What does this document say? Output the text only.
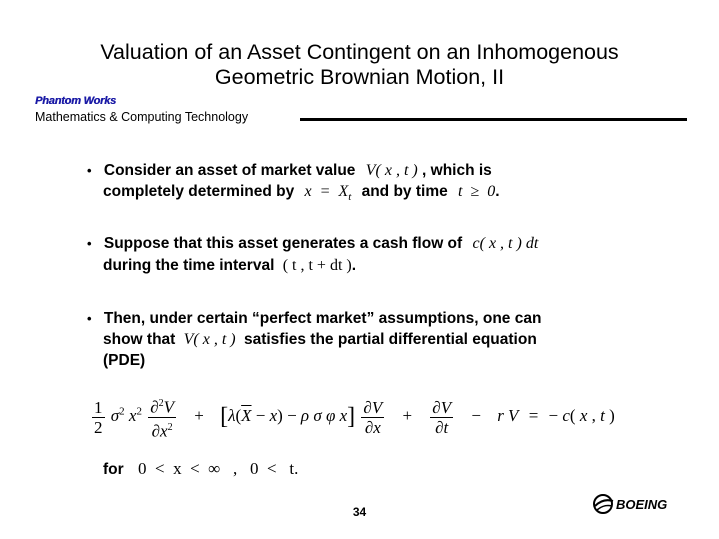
Valuation of an Asset Contingent on an Inhomogenous
Geometric Brownian Motion, II
Phantom Works
Mathematics & Computing Technology
• Consider an asset of market value V( x , t ) , which is
completely determined by $x = X_t$ and by time t  ≥  0.
• Suppose that this asset generates a cash flow of c( x , t ) dt
during the time interval ( t , t + dt ).
• Then, under certain “perfect market” assumptions, one can
show that V( x , t ) satisfies the partial differential equation
(PDE)
$\frac{1}{2} \sigma^2$ $x^2 \frac{\partial^2V}{\partial x^2} + [\lambda(\overline{X} - x) - \rho$ σ φ $x] \frac{\partial V}{\partial x} + \frac{\partial V}{\partial t} - r$ V = − c( x , t )
for 0  <  x  <  ∞   ,   0  <   t.
34	BOEING
